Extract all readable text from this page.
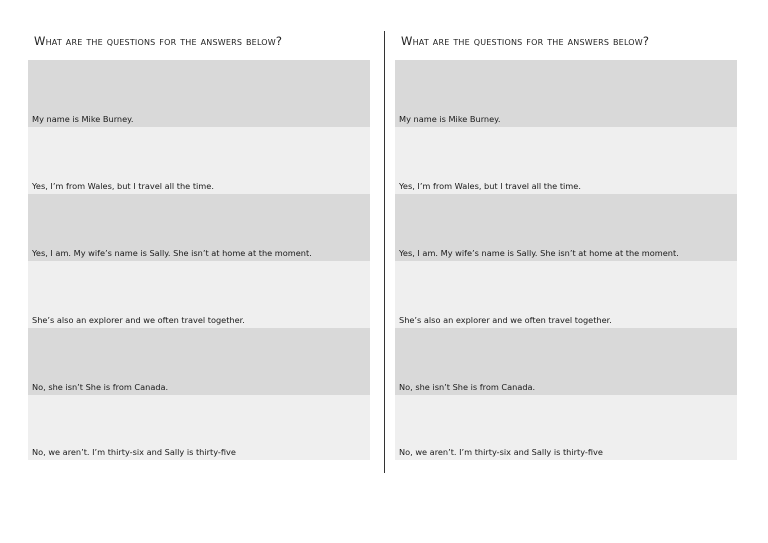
What are the questions for the answers below?
My name is Mike Burney.
Yes, I’m from Wales, but I travel all the time.
Yes, I am. My wife’s name is Sally. She isn’t at home at the moment.
She’s also an explorer and we often travel together.
No, she isn’t She is from Canada.
No, we aren’t. I’m thirty-six and Sally is thirty-five
What are the questions for the answers below?
My name is Mike Burney.
Yes, I’m from Wales, but I travel all the time.
Yes, I am. My wife’s name is Sally. She isn’t at home at the moment.
She’s also an explorer and we often travel together.
No, she isn’t She is from Canada.
No, we aren’t. I’m thirty-six and Sally is thirty-five
